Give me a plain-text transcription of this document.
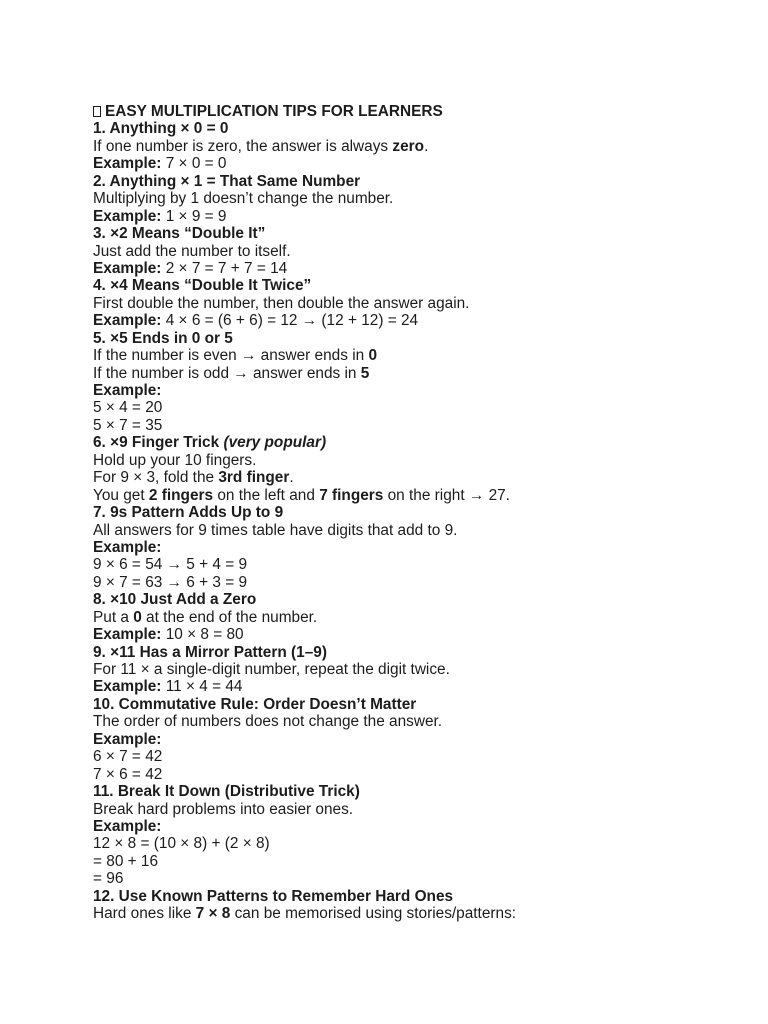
EASY MULTIPLICATION TIPS FOR LEARNERS
1. Anything × 0 = 0
If one number is zero, the answer is always zero.
Example: 7 × 0 = 0
2. Anything × 1 = That Same Number
Multiplying by 1 doesn’t change the number.
Example: 1 × 9 = 9
3. ×2 Means “Double It”
Just add the number to itself.
Example: 2 × 7 = 7 + 7 = 14
4. ×4 Means “Double It Twice”
First double the number, then double the answer again.
Example: 4 × 6 = (6 + 6) = 12 → (12 + 12) = 24
5. ×5 Ends in 0 or 5
If the number is even → answer ends in 0
If the number is odd → answer ends in 5
Example:
5 × 4 = 20
5 × 7 = 35
6. ×9 Finger Trick (very popular)
Hold up your 10 fingers.
For 9 × 3, fold the 3rd finger.
You get 2 fingers on the left and 7 fingers on the right → 27.
7. 9s Pattern Adds Up to 9
All answers for 9 times table have digits that add to 9.
Example:
9 × 6 = 54 → 5 + 4 = 9
9 × 7 = 63 → 6 + 3 = 9
8. ×10 Just Add a Zero
Put a 0 at the end of the number.
Example: 10 × 8 = 80
9. ×11 Has a Mirror Pattern (1–9)
For 11 × a single-digit number, repeat the digit twice.
Example: 11 × 4 = 44
10. Commutative Rule: Order Doesn’t Matter
The order of numbers does not change the answer.
Example:
6 × 7 = 42
7 × 6 = 42
11. Break It Down (Distributive Trick)
Break hard problems into easier ones.
Example:
12 × 8 = (10 × 8) + (2 × 8)
= 80 + 16
= 96
12. Use Known Patterns to Remember Hard Ones
Hard ones like 7 × 8 can be memorised using stories/patterns:
